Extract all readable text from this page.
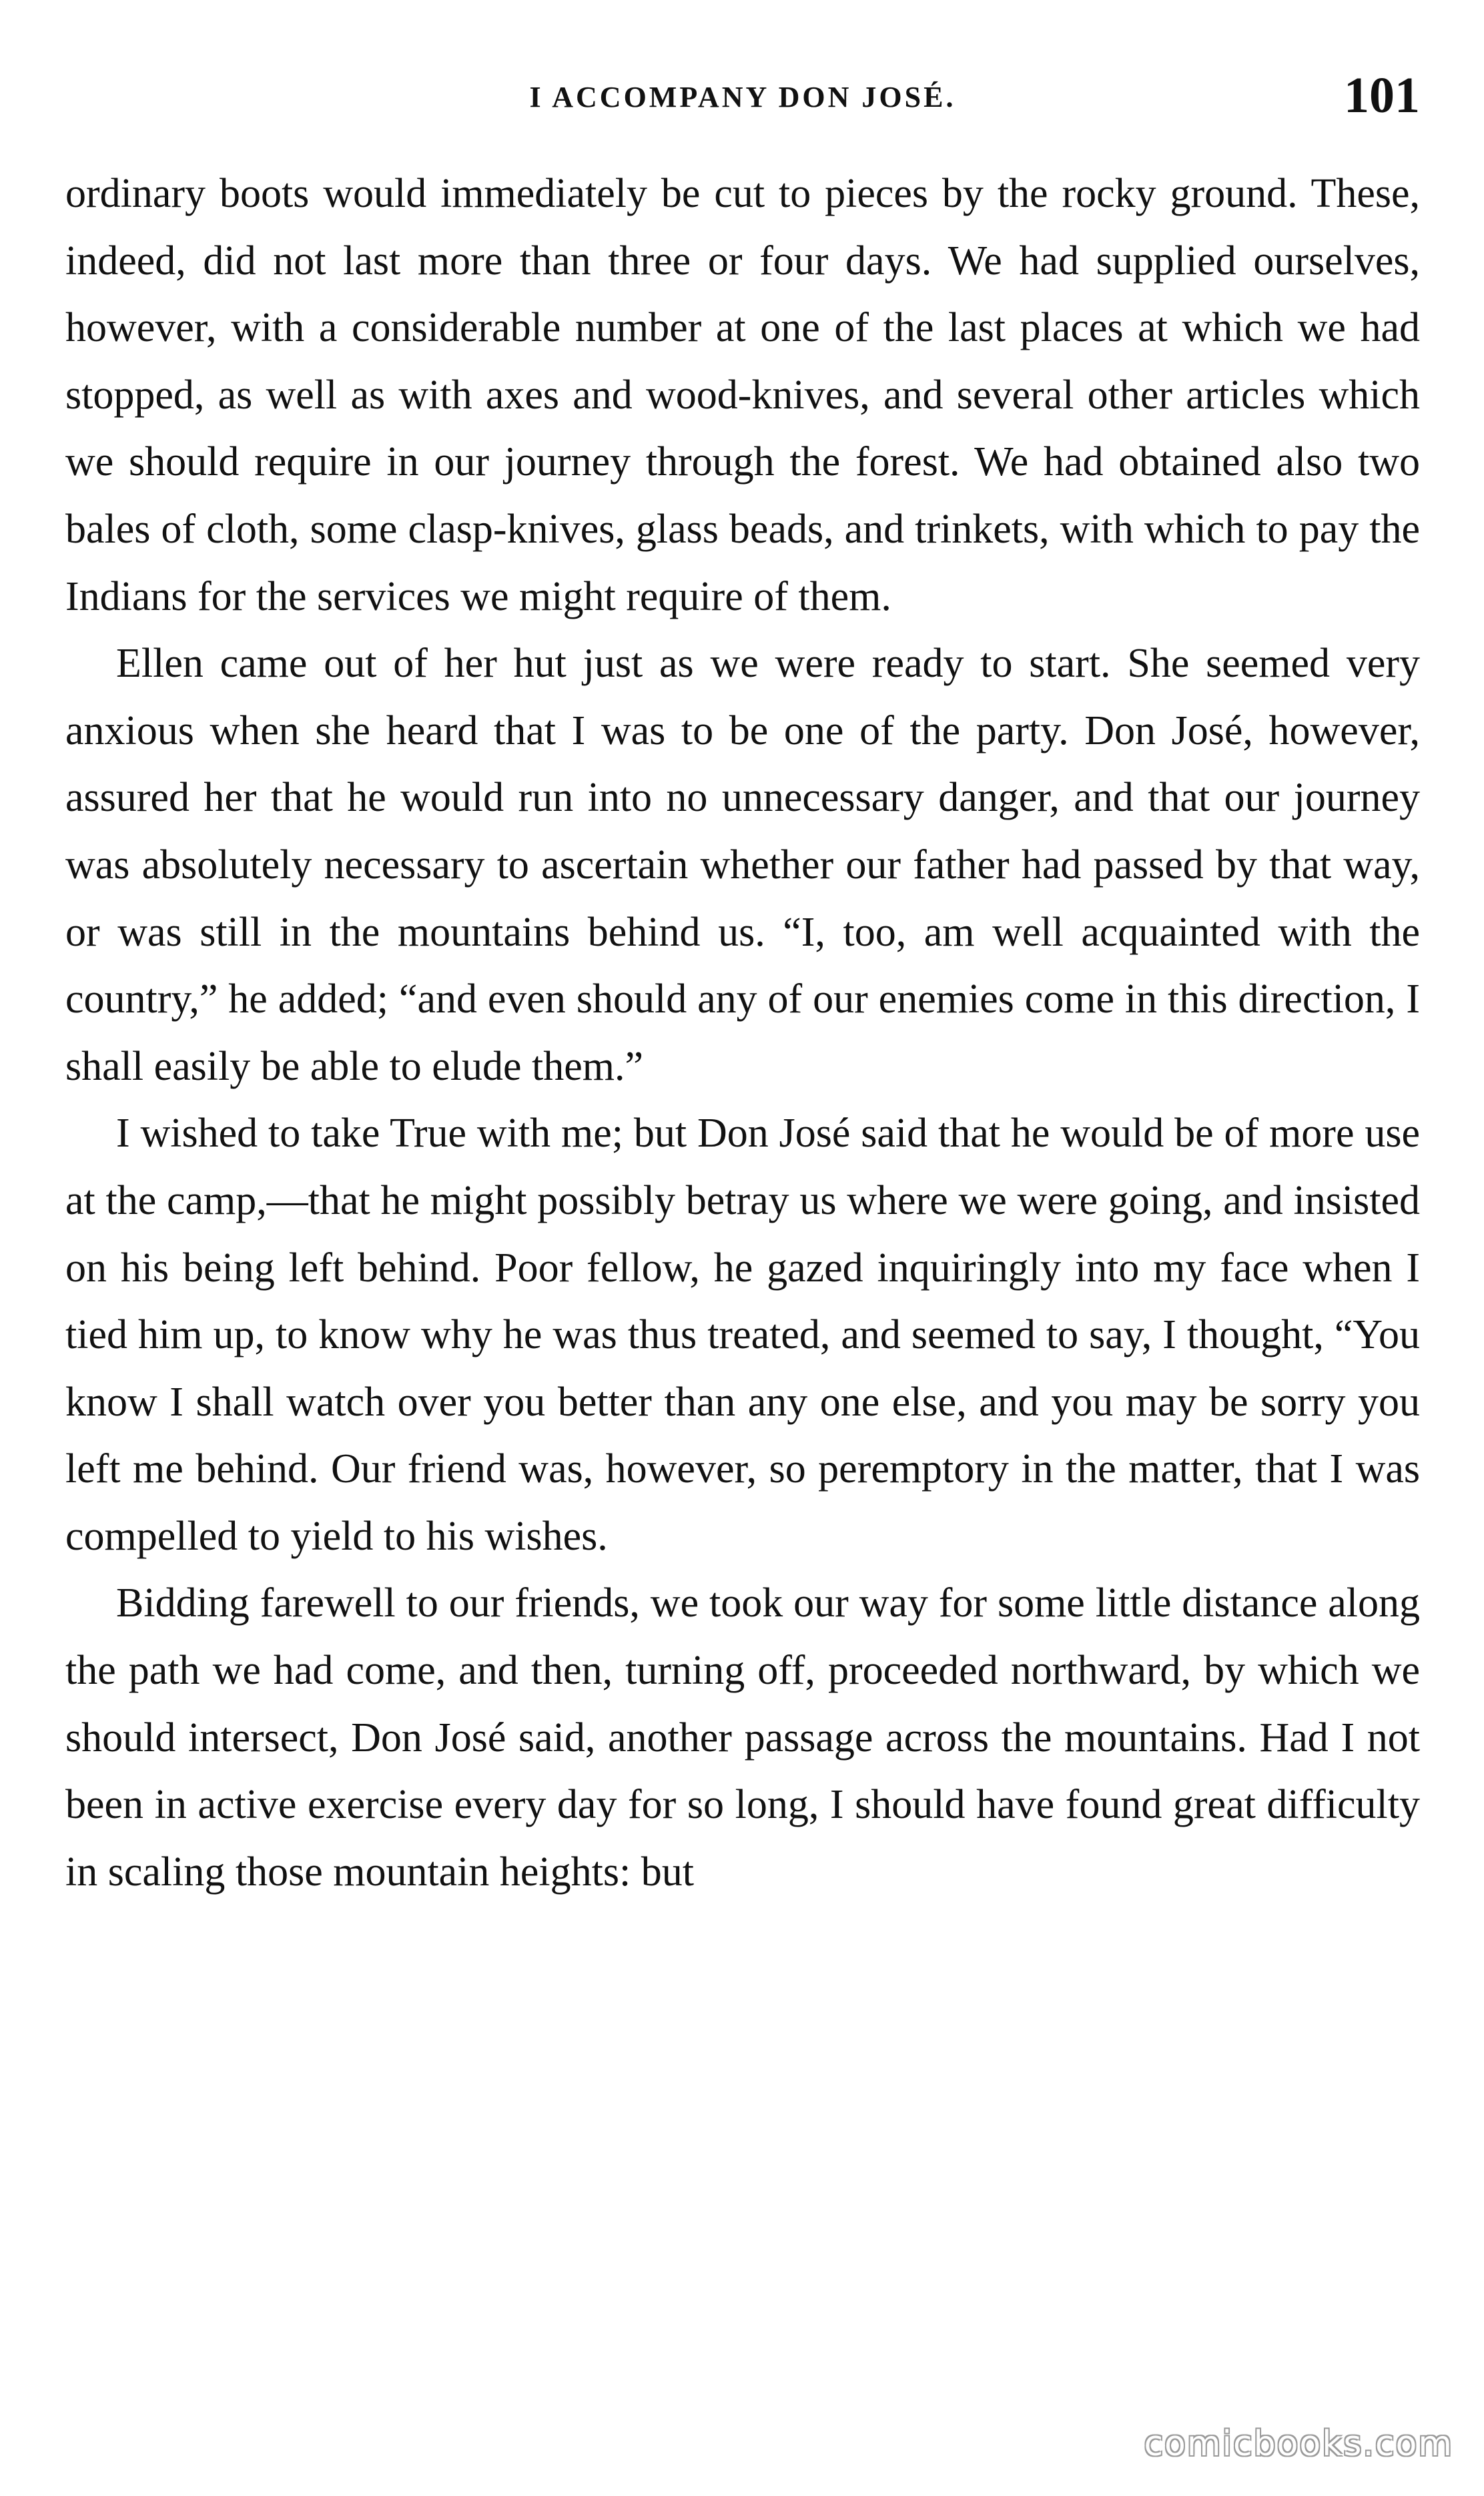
I ACCOMPANY DON JOSÉ.	101

ordinary boots would immediately be cut to pieces by the rocky ground. These, indeed, did not last more than three or four days. We had supplied ourselves, however, with a considerable number at one of the last places at which we had stopped, as well as with axes and wood-knives, and several other articles which we should require in our journey through the forest. We had obtained also two bales of cloth, some clasp-knives, glass beads, and trinkets, with which to pay the Indians for the services we might require of them.

Ellen came out of her hut just as we were ready to start. She seemed very anxious when she heard that I was to be one of the party. Don José, however, assured her that he would run into no unnecessary danger, and that our journey was absolutely necessary to ascertain whether our father had passed by that way, or was still in the mountains behind us. “I, too, am well acquainted with the country,” he added; “and even should any of our enemies come in this direction, I shall easily be able to elude them.”

I wished to take True with me; but Don José said that he would be of more use at the camp,—that he might possibly betray us where we were going, and insisted on his being left behind. Poor fellow, he gazed inquiringly into my face when I tied him up, to know why he was thus treated, and seemed to say, I thought, “You know I shall watch over you better than any one else, and you may be sorry you left me behind. Our friend was, however, so peremptory in the matter, that I was compelled to yield to his wishes.

Bidding farewell to our friends, we took our way for some little distance along the path we had come, and then, turning off, proceeded northward, by which we should intersect, Don José said, another passage across the mountains. Had I not been in active exercise every day for so long, I should have found great difficulty in scaling those mountain heights: but

comicbooks.com
